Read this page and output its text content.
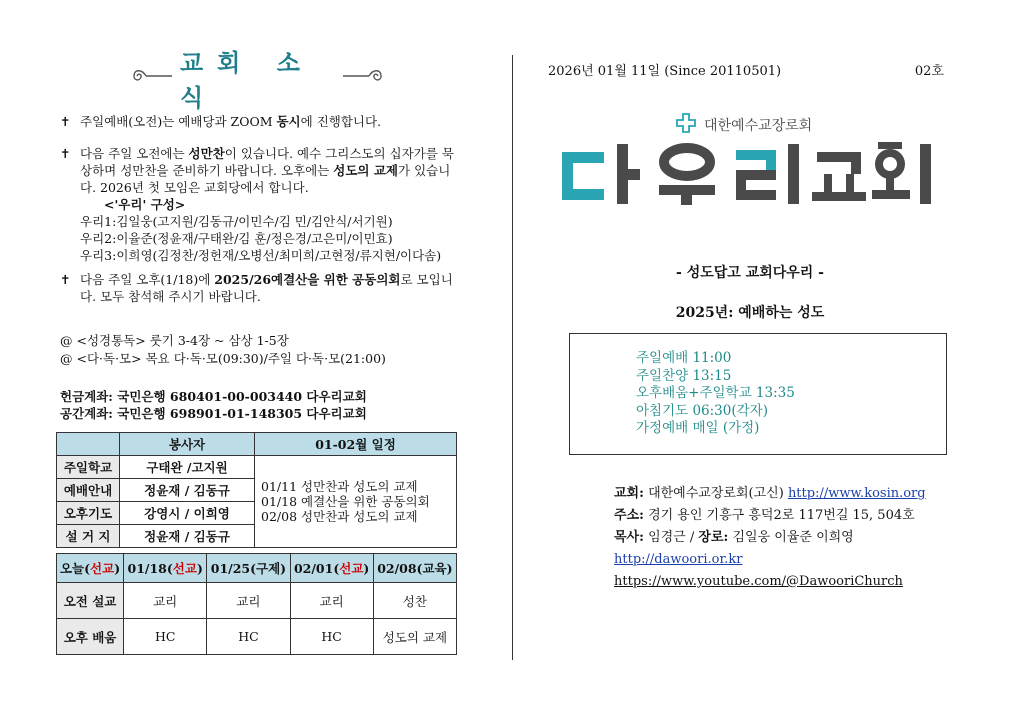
교회 소식
✝ 주일예배(오전)는 예배당과 ZOOM 동시에 진행합니다.
✝ 다음 주일 오전에는 성만찬이 있습니다. 예수 그리스도의 십자가를 묵상하며 성만찬을 준비하기 바랍니다. 오후에는 성도의 교제가 있습니다. 2026년 첫 모임은 교회당에서 합니다.
<'우리' 구성>
우리1:김일웅(고지원/김동규/이민수/김 민/김안식/서기원)
우리2:이율준(정윤재/구태완/김 훈/정은경/고은미/이민효)
우리3:이희영(김정찬/정헌재/오병선/최미희/고현정/류지현/이다솜)
✝ 다음 주일 오후(1/18)에 2025/26예결산을 위한 공동의회로 모입니다. 모두 참석해 주시기 바랍니다.
@ <성경통독> 룻기 3-4장 ~ 삼상 1-5장
@ <다·독·모> 목요 다·독·모(09:30)/주일 다·독·모(21:00)
헌금계좌: 국민은행 680401-00-003440 다우리교회
공간계좌: 국민은행 698901-01-148305 다우리교회
	봉사자	01-02월 일정
주일학교	구태완 /고지원	01/11 성만찬과 성도의 교제
01/18 예결산을 위한 공동의회
02/08 성만찬과 성도의 교제

예배안내	정윤재 / 김동규	
오후기도	강영시 / 이희영	
설 거 지	정윤재 / 김동규	
오늘(선교)	01/18(선교)	01/25(구제)	02/01(선교)	02/08(교육)
오전 설교	교리	교리	교리	성찬
오후 배움	HC	HC	HC	성도의 교제
2026년 01월 11일 (Since 20110501)	02호
대한예수교장로회
- 성도답고 교회다우리 -
2025년: 예배하는 성도
주일예배 11:00
주일찬양 13:15
오후배움+주일학교 13:35
아침기도 06:30(각자)
가정예배 매일 (가정)
교회: 대한예수교장로회(고신) http://www.kosin.org
주소: 경기 용인 기흥구 흥덕2로 117번길 15, 504호
목사: 임경근 / 장로: 김일웅 이율준 이희영
http://dawoori.or.kr
https://www.youtube.com/@DawooriChurch
